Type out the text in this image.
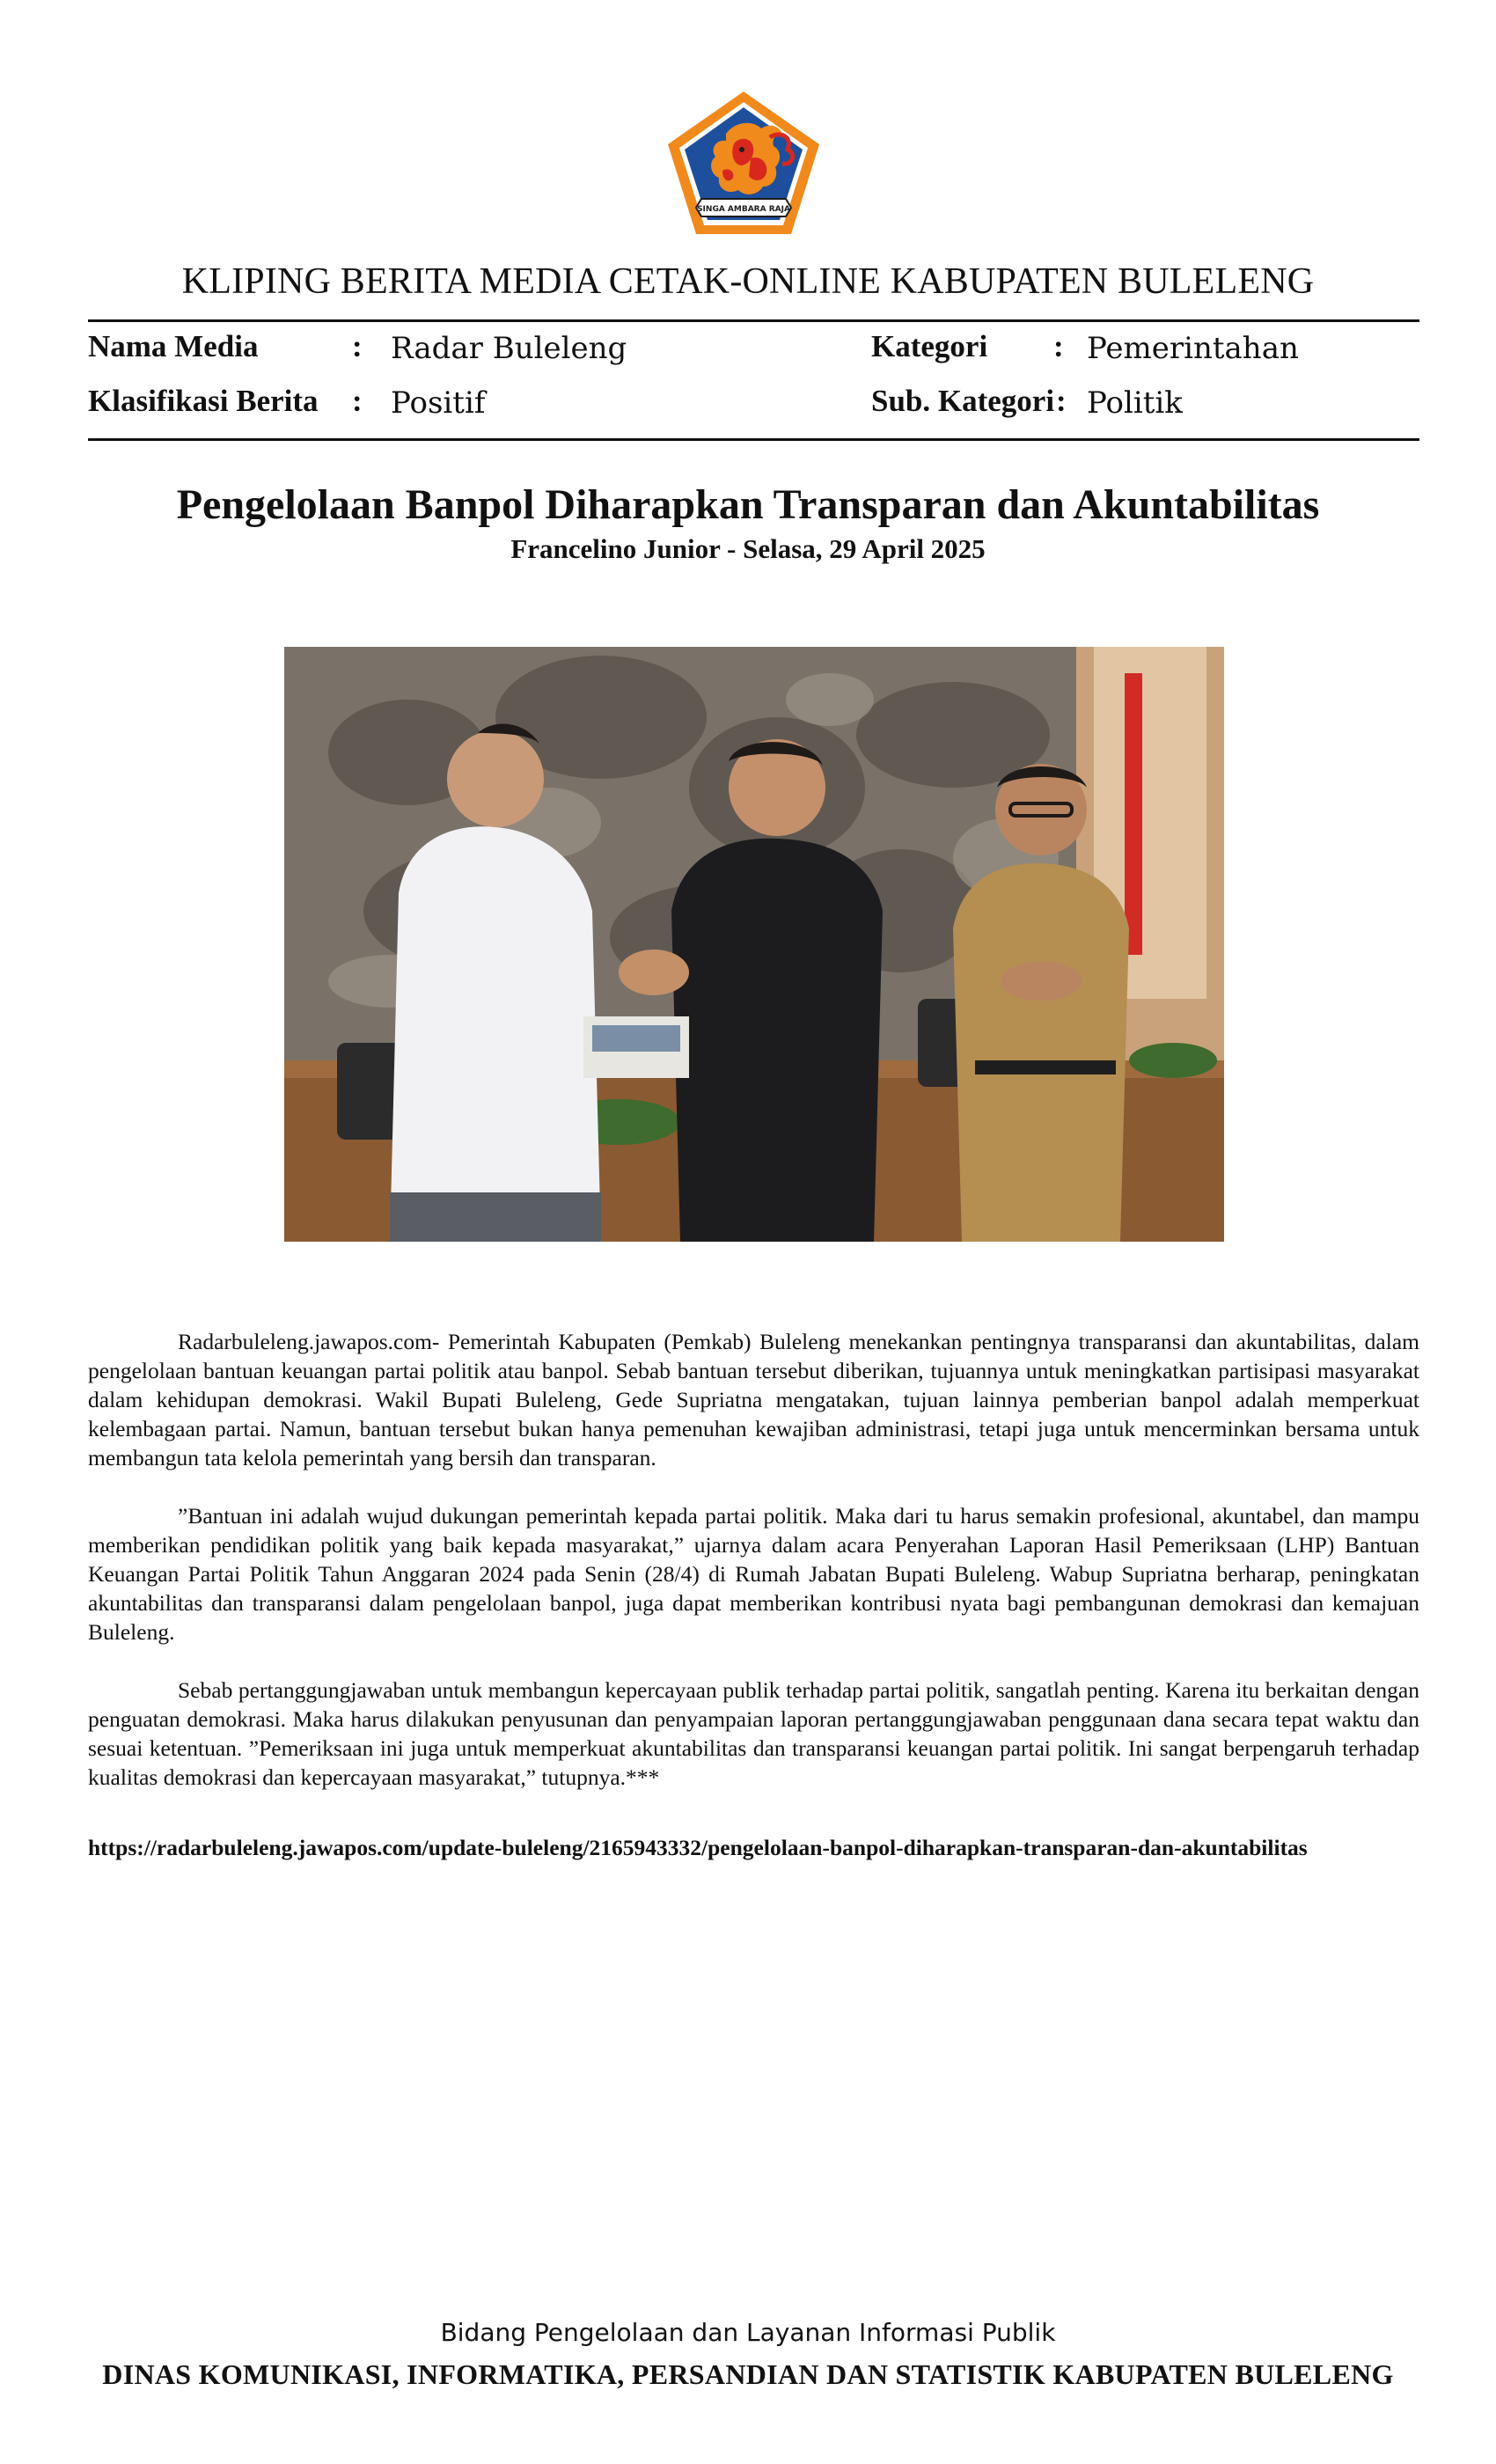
SINGA AMBARA RAJA
KLIPING BERITA MEDIA CETAK-ONLINE KABUPATEN BULELENG
Nama Media	: Radar Buleleng
Klasifikasi Berita : Positif
Kategori : Pemerintahan
Sub. Kategori : Politik
Pengelolaan Banpol Diharapkan Transparan dan Akuntabilitas
Francelino Junior - Selasa, 29 April 2025

Radarbuleleng.jawapos.com- Pemerintah Kabupaten (Pemkab) Buleleng menekankan pentingnya transparansi dan akuntabilitas, dalam pengelolaan bantuan keuangan partai politik atau banpol. Sebab bantuan tersebut diberikan, tujuannya untuk meningkatkan partisipasi masyarakat dalam kehidupan demokrasi. Wakil Bupati Buleleng, Gede Supriatna mengatakan, tujuan lainnya pemberian banpol adalah memperkuat kelembagaan partai. Namun, bantuan tersebut bukan hanya pemenuhan kewajiban administrasi, tetapi juga untuk mencerminkan bersama untuk membangun tata kelola pemerintah yang bersih dan transparan.

”Bantuan ini adalah wujud dukungan pemerintah kepada partai politik. Maka dari tu harus semakin profesional, akuntabel, dan mampu memberikan pendidikan politik yang baik kepada masyarakat,” ujarnya dalam acara Penyerahan Laporan Hasil Pemeriksaan (LHP) Bantuan Keuangan Partai Politik Tahun Anggaran 2024 pada Senin (28/4) di Rumah Jabatan Bupati Buleleng. Wabup Supriatna berharap, peningkatan akuntabilitas dan transparansi dalam pengelolaan banpol, juga dapat memberikan kontribusi nyata bagi pembangunan demokrasi dan kemajuan Buleleng.

Sebab pertanggungjawaban untuk membangun kepercayaan publik terhadap partai politik, sangatlah penting. Karena itu berkaitan dengan penguatan demokrasi. Maka harus dilakukan penyusunan dan penyampaian laporan pertanggungjawaban penggunaan dana secara tepat waktu dan sesuai ketentuan. ”Pemeriksaan ini juga untuk memperkuat akuntabilitas dan transparansi keuangan partai politik. Ini sangat berpengaruh terhadap kualitas demokrasi dan kepercayaan masyarakat,” tutupnya.***

https://radarbuleleng.jawapos.com/update-buleleng/2165943332/pengelolaan-banpol-diharapkan-transparan-dan-akuntabilitas
Bidang Pengelolaan dan Layanan Informasi Publik
DINAS KOMUNIKASI, INFORMATIKA, PERSANDIAN DAN STATISTIK KABUPATEN BULELENG
